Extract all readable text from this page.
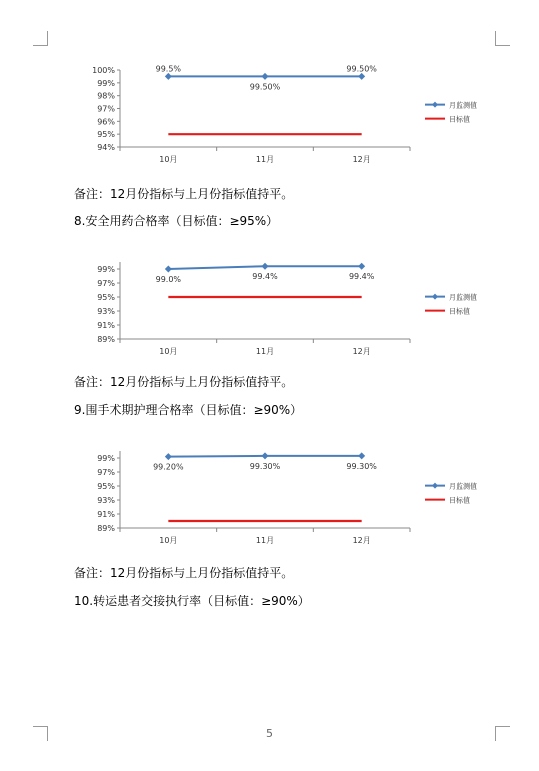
94%
95%
96%
97%
98%
99%
100%
10月	11月	12月
99.5%
99.50%
99.50%
月监测值
目标值
备注：12月份指标与上月份指标值持平。
8.安全用药合格率（目标值：≥95%）
89%
91%
93%
95%
97%
99%
10月	11月	12月
99.0%	99.4%	99.4%
月监测值
目标值
备注：12月份指标与上月份指标值持平。
9.围手术期护理合格率（目标值：≥90%）
89%
91%
93%
95%
97%
99%
10月	11月	12月
99.20%	99.30%	99.30%
月监测值
目标值
备注：12月份指标与上月份指标值持平。
10.转运患者交接执行率（目标值：≥90%）
5
